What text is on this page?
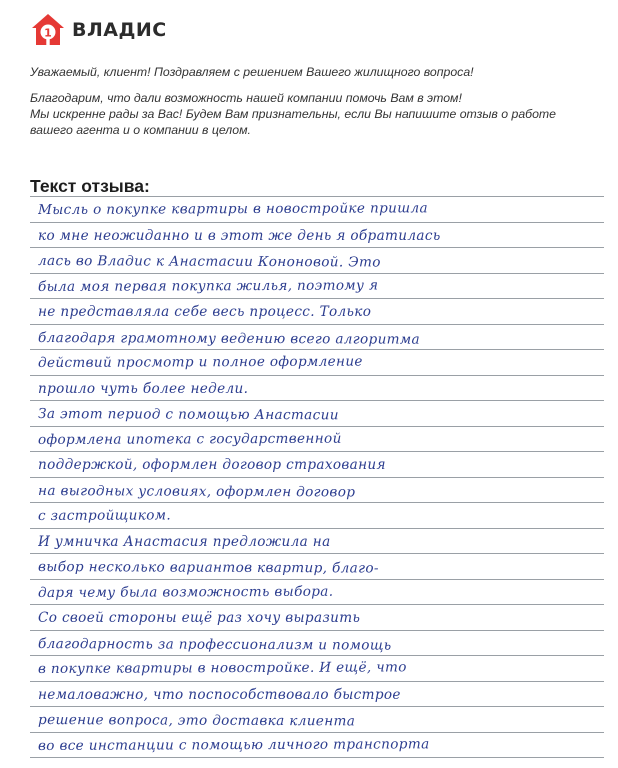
1 ВЛАДИС

Уважаемый, клиент! Поздравляем с решением Вашего жилищного вопроса!

Благодарим, что дали возможность нашей компании помочь Вам в этом!
Мы искренне рады за Вас! Будем Вам признательны, если Вы напишите отзыв о работе вашего агента и о компании в целом.

Текст отзыва:
Мысль о покупке квартиры в новостройке пришла
ко мне неожиданно и в этот же день я обратилась
лась во Владис к Анастасии Кононовой. Это
была моя первая покупка жилья, поэтому я
не представляла себе весь процесс. Только
благодаря грамотному ведению всего алгоритма
действий просмотр и полное оформление
прошло чуть более недели.
За этот период с помощью Анастасии
оформлена ипотека с государственной
поддержкой, оформлен договор страхования
на выгодных условиях, оформлен договор
с застройщиком.
И умничка Анастасия предложила на
выбор несколько вариантов квартир, благо-
даря чему была возможность выбора.
Со своей стороны ещё раз хочу выразить
благодарность за профессионализм и помощь
в покупке квартиры в новостройке. И ещё, что
немаловажно, что поспособствовало быстрое
решение вопроса, это доставка клиента
во все инстанции с помощью личного транспорта
